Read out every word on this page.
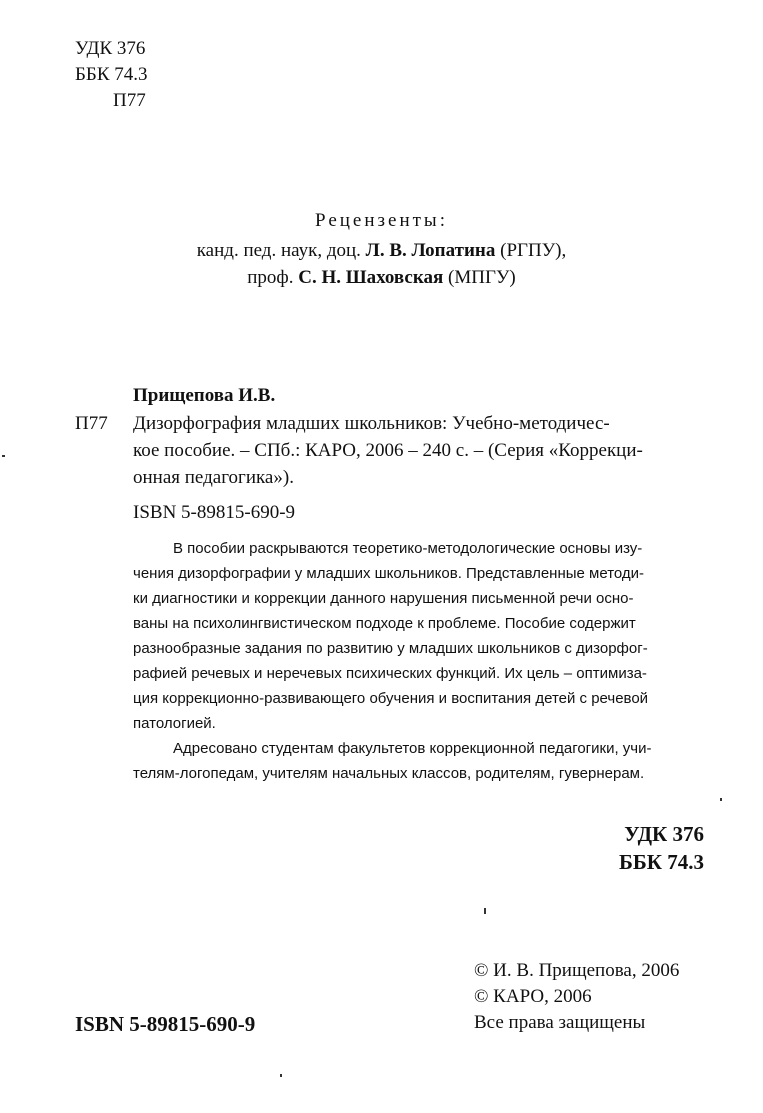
УДК 376
ББК 74.3
П77
Рецензенты:
канд. пед. наук, доц. Л. В. Лопатина (РГПУ),
проф. С. Н. Шаховская (МПГУ)
Прищепова И.В.
П77 Дизорфография младших школьников: Учебно-методичес-
кое пособие. – СПб.: КАРО, 2006 – 240 с. – (Серия «Коррекци-
онная педагогика»).
ISBN 5-89815-690-9
В пособии раскрываются теоретико-методологические основы изу-
чения дизорфографии у младших школьников. Представленные методи-
ки диагностики и коррекции данного нарушения письменной речи осно-
ваны на психолингвистическом подходе к проблеме. Пособие содержит
разнообразные задания по развитию у младших школьников с дизорфог-
рафией речевых и неречевых психических функций. Их цель – оптимиза-
ция коррекционно-развивающего обучения и воспитания детей с речевой
патологией.
Адресовано студентам факультетов коррекционной педагогики, учи-
телям-логопедам, учителям начальных классов, родителям, гувернерам.
УДК 376
ББК 74.3
© И. В. Прищепова, 2006
© КАРО, 2006
Все права защищены
ISBN 5-89815-690-9
